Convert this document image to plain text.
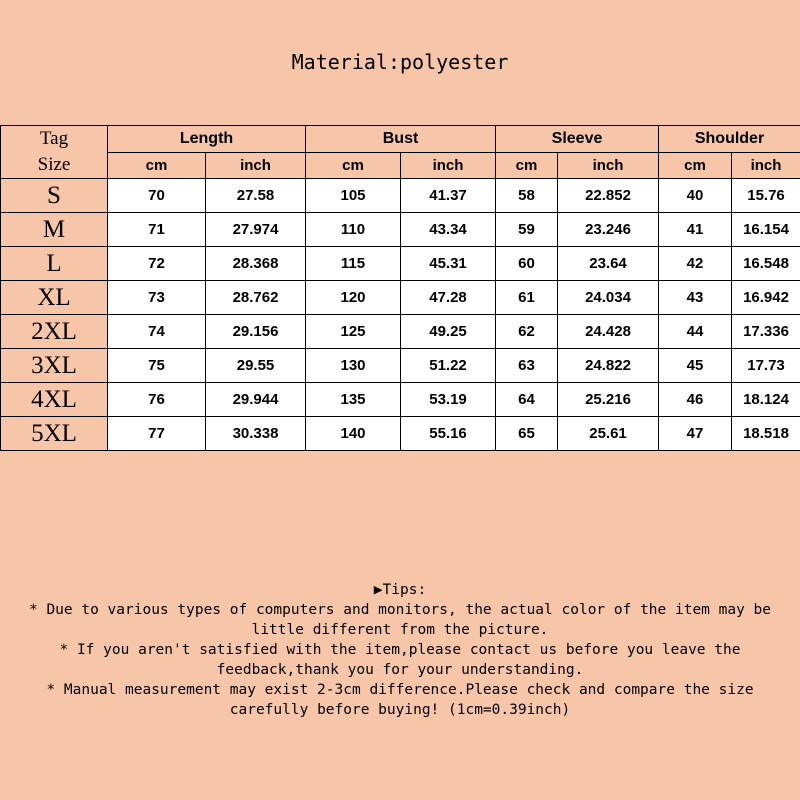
Material:polyester
Tag
Size	Length		Bust		Sleeve		Shoulder	
	cm	inch	cm	inch	cm	inch	cm	inch
S	70	27.58	105	41.37	58	22.852	40	15.76
M	71	27.974	110	43.34	59	23.246	41	16.154
L	72	28.368	115	45.31	60	23.64	42	16.548
XL	73	28.762	120	47.28	61	24.034	43	16.942
2XL	74	29.156	125	49.25	62	24.428	44	17.336
3XL	75	29.55	130	51.22	63	24.822	45	17.73
4XL	76	29.944	135	53.19	64	25.216	46	18.124
5XL	77	30.338	140	55.16	65	25.61	47	18.518
▶Tips:
* Due to various types of computers and monitors, the actual color of the item may be
little different from the picture.
* If you aren't satisfied with the item,please contact us before you leave the
feedback,thank you for your understanding.
* Manual measurement may exist 2-3cm difference.Please check and compare the size
carefully before buying! (1cm=0.39inch)
